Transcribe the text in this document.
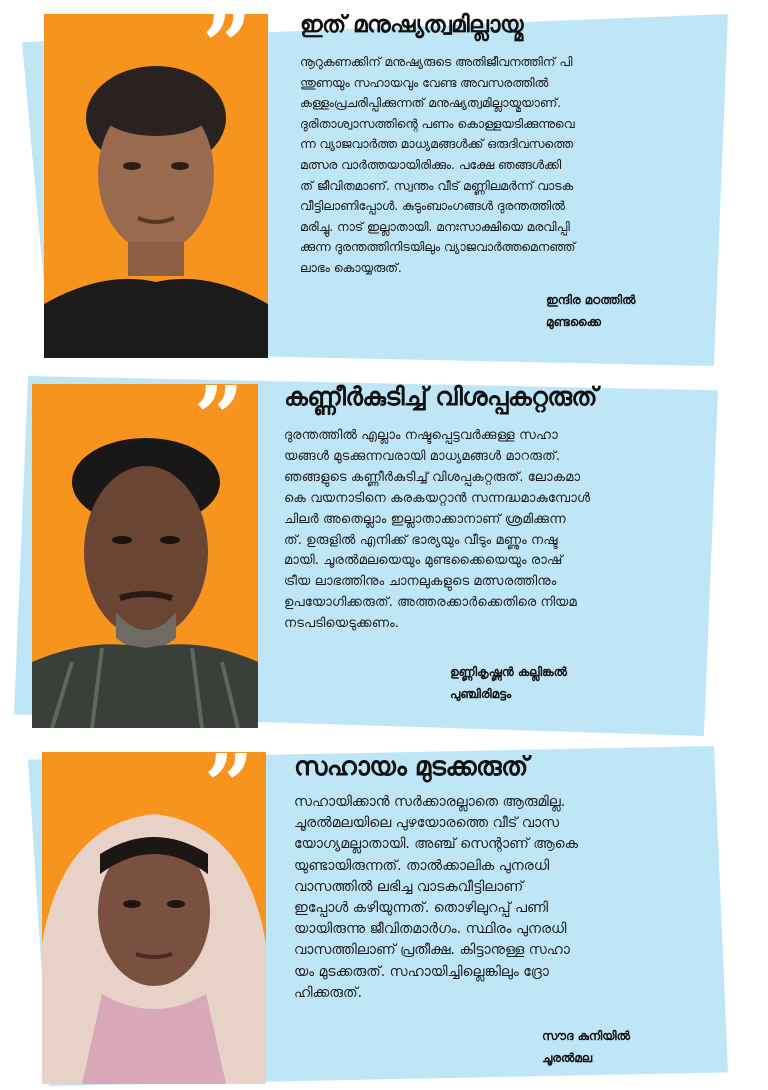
ഇത് മനുഷ്യത്വമില്ലായ്മ
നൂറുകണക്കിന് മനുഷ്യരുടെ അതിജീവനത്തിന് പി
ന്തുണയും സഹായവും വേണ്ട അവസരത്തിൽ
കള്ളംപ്രചരിപ്പിക്കുന്നത് മനുഷ്യത്വമില്ലായ്മയാണ്.
ദുരിതാശ്വാസത്തിന്റെ പണം കൊള്ളയടിക്കുന്നുവെ
ന്ന വ്യാജവാർത്ത മാധ്യമങ്ങൾക്ക് ഒരുദിവസത്തെ
മത്സര വാർത്തയായിരിക്കും. പക്ഷേ ഞങ്ങൾക്കി
ത് ജീവിതമാണ്. സ്വന്തം വീട് മണ്ണിലമർന്ന് വാടക
വീട്ടിലാണിപ്പോൾ. കുടുംബാംഗങ്ങൾ ദുരന്തത്തിൽ
മരിച്ചു. നാട് ഇല്ലാതായി. മനഃസാക്ഷിയെ മരവിപ്പി
ക്കുന്ന ദുരന്തത്തിനിടയിലും വ്യാജവാർത്തമെനഞ്ഞ്
ലാഭം കൊയ്യരുത്.
ഇന്ദിര മഠത്തിൽ
മുണ്ടക്കൈ
കണ്ണീർകുടിച്ച് വിശപ്പകറ്റരുത്
ദുരന്തത്തിൽ എല്ലാം നഷ്ടപ്പെട്ടവർക്കുള്ള സഹാ
യങ്ങൾ മുടക്കുന്നവരായി മാധ്യമങ്ങൾ മാറരുത്.
ഞങ്ങളുടെ കണ്ണീർകുടിച്ച് വിശപ്പകറ്റരുത്. ലോകമാ
കെ വയനാടിനെ കരകയറ്റാൻ സന്നദ്ധമാകുമ്പോൾ
ചിലർ അതെല്ലാം ഇല്ലാതാക്കാനാണ് ശ്രമിക്കുന്ന
ത്. ഉരുളിൽ എനിക്ക് ഭാര്യയും വീടും മണ്ണും നഷ്ട
മായി. ചൂരൽമലയെയും മുണ്ടക്കൈയെയും രാഷ്
ട്രീയ ലാഭത്തിനും ചാനലുകളുടെ മത്സരത്തിനും
ഉപയോഗിക്കരുത്. അത്തരക്കാർക്കെതിരെ നിയമ
നടപടിയെടുക്കണം.
ഉണ്ണികൃഷ്ണൻ കല്ലിങ്കൽ
പുഞ്ചിരിമട്ടം
സഹായം മുടക്കരുത്
സഹായിക്കാൻ സർക്കാരല്ലാതെ ആരുമില്ല.
ചൂരൽമലയിലെ പുഴയോരത്തെ വീട് വാസ
യോഗ്യമല്ലാതായി. അഞ്ച് സെന്റാണ് ആകെ
യുണ്ടായിരുന്നത്. താൽക്കാലിക പുനരധി
വാസത്തിൽ ലഭിച്ച വാടകവീട്ടിലാണ്
ഇപ്പോൾ കഴിയുന്നത്. തൊഴിലുറപ്പ് പണി
യായിരുന്നു ജീവിതമാർഗം. സ്ഥിരം പുനരധി
വാസത്തിലാണ് പ്രതീക്ഷ. കിട്ടാനുള്ള സഹാ
യം മുടക്കരുത്. സഹായിച്ചില്ലെങ്കിലും ദ്രോ
ഹിക്കരുത്.
സൗദ കുനിയിൽ
ചൂരൽമല
